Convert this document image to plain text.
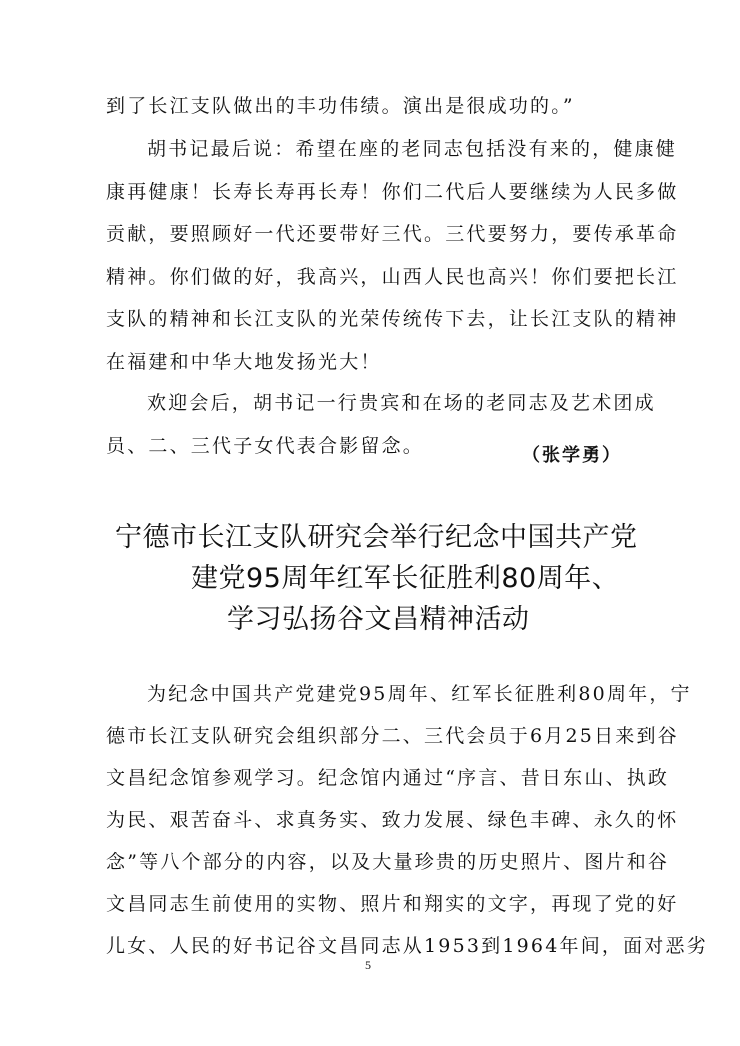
到了长江支队做出的丰功伟绩。演出是很成功的。”
胡书记最后说：希望在座的老同志包括没有来的，健康健
康再健康！长寿长寿再长寿！你们二代后人要继续为人民多做
贡献，要照顾好一代还要带好三代。三代要努力，要传承革命
精神。你们做的好，我高兴，山西人民也高兴！你们要把长江
支队的精神和长江支队的光荣传统传下去，让长江支队的精神
在福建和中华大地发扬光大！
欢迎会后，胡书记一行贵宾和在场的老同志及艺术团成
员、二、三代子女代表合影留念。	（张学勇）
宁德市长江支队研究会举行纪念中国共产党
建党95周年红军长征胜利80周年、
学习弘扬谷文昌精神活动
为纪念中国共产党建党95周年、红军长征胜利80周年，宁
德市长江支队研究会组织部分二、三代会员于6月25日来到谷
文昌纪念馆参观学习。纪念馆内通过“序言、昔日东山、执政
为民、艰苦奋斗、求真务实、致力发展、绿色丰碑、永久的怀
念”等八个部分的内容，以及大量珍贵的历史照片、图片和谷
文昌同志生前使用的实物、照片和翔实的文字，再现了党的好
儿女、人民的好书记谷文昌同志从1953到1964年间，面对恶劣
5
